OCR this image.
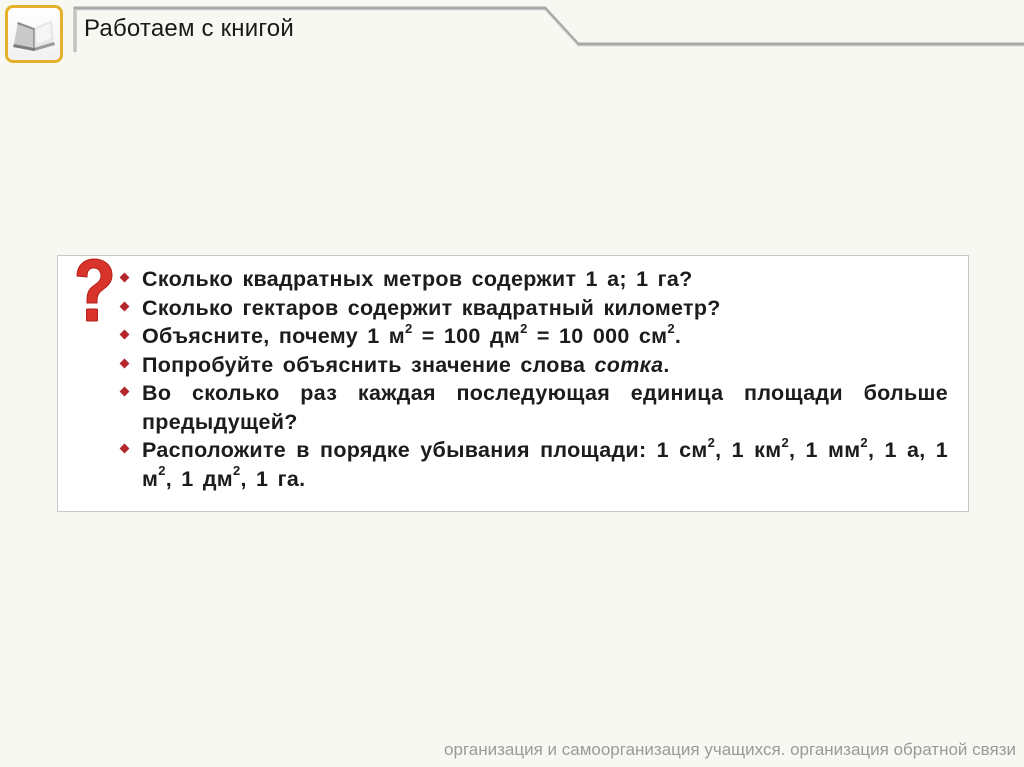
Работаем с книгой
Сколько квадратных метров содержит 1 а; 1 га?
Сколько гектаров содержит квадратный километр?
Объясните, почему 1 $м^2 = 100$ $дм^2 = 10$ 000 $см^2$.
Попробуйте объяснить значение слова сотка.
Во сколько раз каждая последующая единица площади больше предыдущей?
Расположите в порядке убывания площади: 1 $см^2$, 1 $км^2$, 1 $мм^2$, 1 а, 1 $м^2$, 1 $дм^2$, 1 га.
организация и самоорганизация учащихся. организация обратной связи
